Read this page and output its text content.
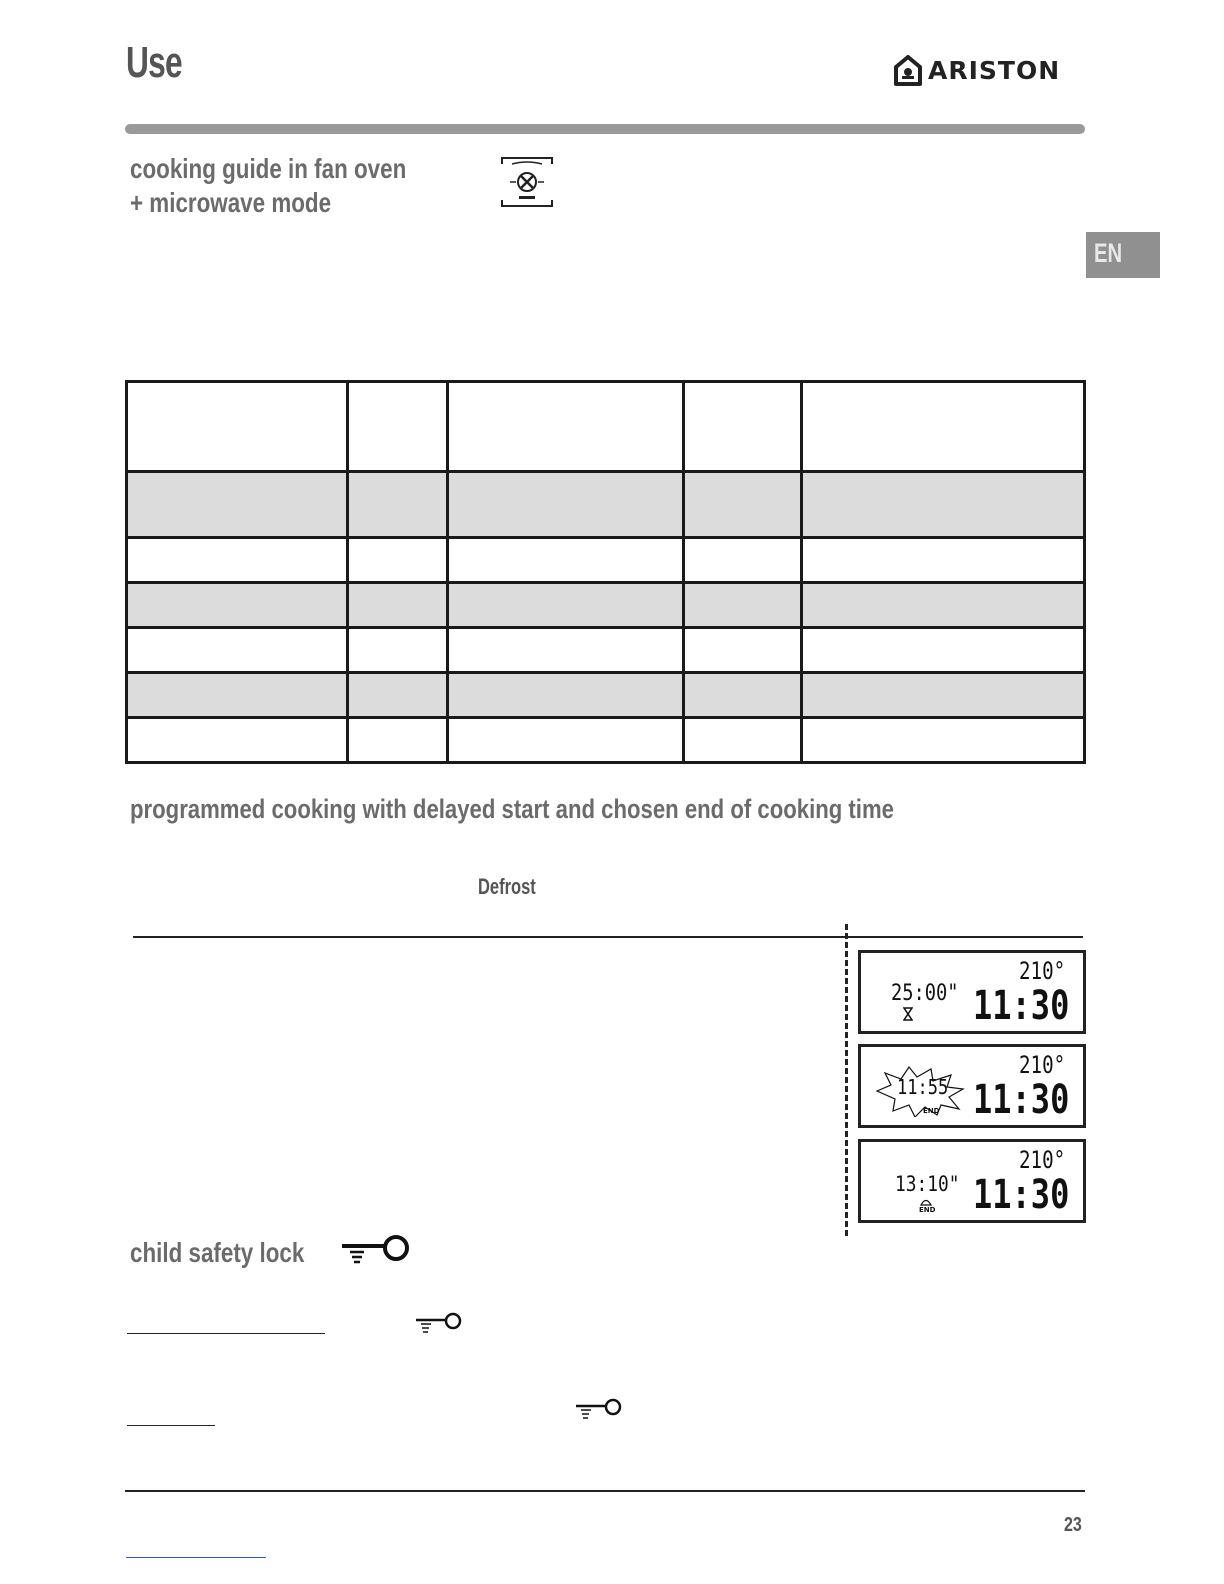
Use	ARISTON
cooking guide in fan oven
+ microwave mode
EN

programmed cooking with delayed start and chosen end of cooking time
Defrost
210°
25:00" 11:30
210°
11:55
END 11:30
210°
13:10"
END 11:30
child safety lock
23
